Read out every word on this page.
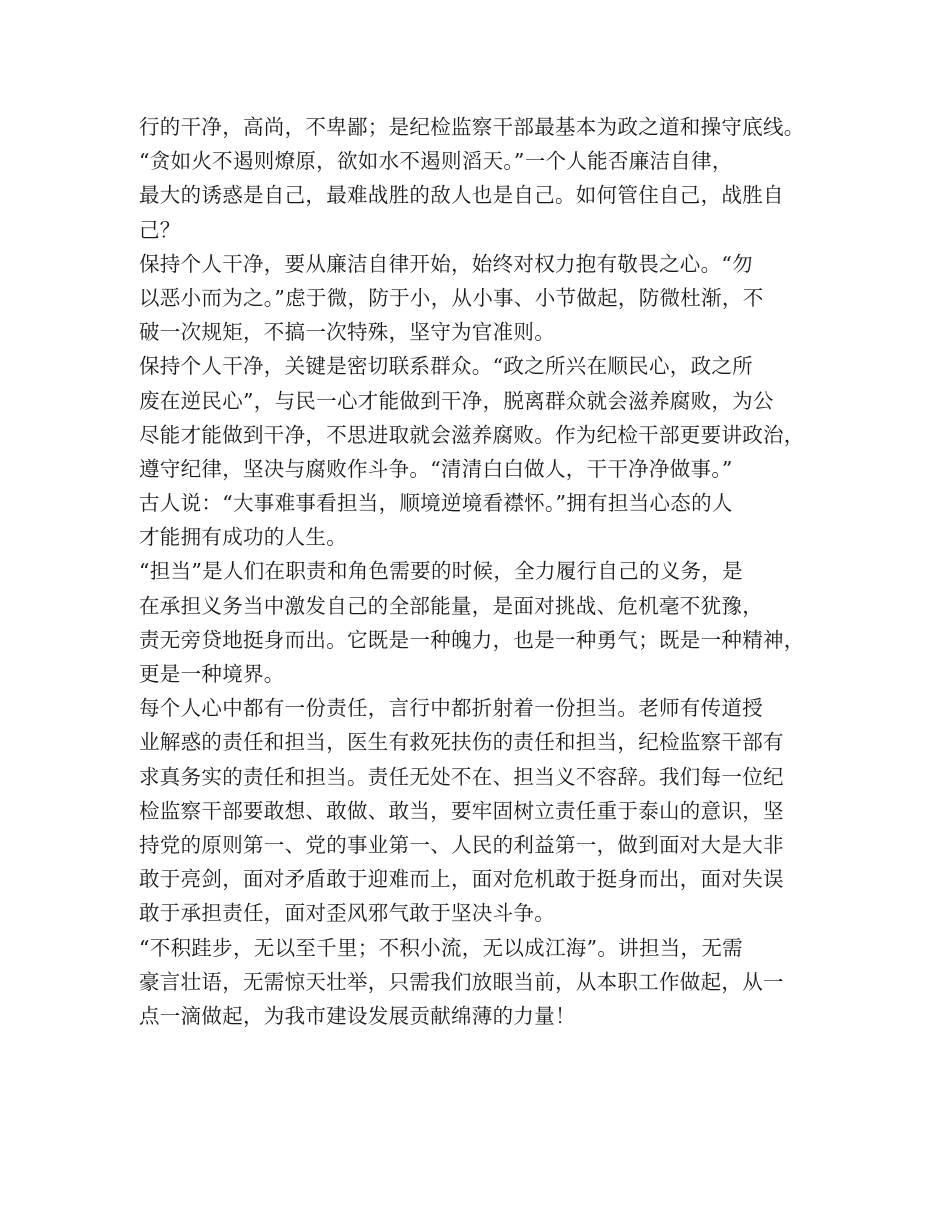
行的干净，高尚，不卑鄙；是纪检监察干部最基本为政之道和操守底线。
“贪如火不遏则燎原，欲如水不遏则滔天。”一个人能否廉洁自律，
最大的诱惑是自己，最难战胜的敌人也是自己。如何管住自己，战胜自
己？
保持个人干净，要从廉洁自律开始，始终对权力抱有敬畏之心。“勿
以恶小而为之。”虑于微，防于小，从小事、小节做起，防微杜渐，不
破一次规矩，不搞一次特殊，坚守为官准则。
保持个人干净，关键是密切联系群众。“政之所兴在顺民心，政之所
废在逆民心”，与民一心才能做到干净，脱离群众就会滋养腐败，为公
尽能才能做到干净，不思进取就会滋养腐败。作为纪检干部更要讲政治，
遵守纪律，坚决与腐败作斗争。“清清白白做人，干干净净做事。”
古人说：“大事难事看担当，顺境逆境看襟怀。”拥有担当心态的人
才能拥有成功的人生。
“担当”是人们在职责和角色需要的时候，全力履行自己的义务，是
在承担义务当中激发自己的全部能量，是面对挑战、危机毫不犹豫，
责无旁贷地挺身而出。它既是一种魄力，也是一种勇气；既是一种精神，
更是一种境界。
每个人心中都有一份责任，言行中都折射着一份担当。老师有传道授
业解惑的责任和担当，医生有救死扶伤的责任和担当，纪检监察干部有
求真务实的责任和担当。责任无处不在、担当义不容辞。我们每一位纪
检监察干部要敢想、敢做、敢当，要牢固树立责任重于泰山的意识，坚
持党的原则第一、党的事业第一、人民的利益第一，做到面对大是大非
敢于亮剑，面对矛盾敢于迎难而上，面对危机敢于挺身而出，面对失误
敢于承担责任，面对歪风邪气敢于坚决斗争。
“不积跬步，无以至千里；不积小流，无以成江海”。讲担当，无需
豪言壮语，无需惊天壮举，只需我们放眼当前，从本职工作做起，从一
点一滴做起，为我市建设发展贡献绵薄的力量！
